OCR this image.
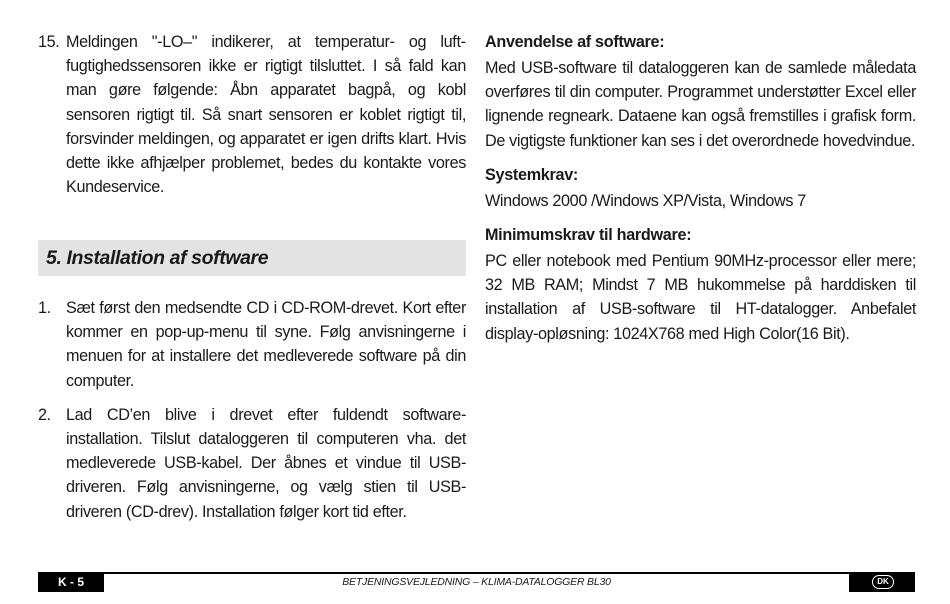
15. Meldingen "-LO–" indikerer, at temperatur- og luftfugtighedssensoren ikke er rigtigt tilsluttet. I så fald kan man gøre følgende: Åbn apparatet bagpå, og kobl sensoren rigtigt til. Så snart sensoren er koblet rigtigt til, forsvinder meldingen, og apparatet er igen drifts klart. Hvis dette ikke afhjælper problemet, bedes du kontakte vores Kundeservice.

5. Installation af software
1. Sæt først den medsendte CD i CD-ROM-drevet. Kort efter kommer en pop-up-menu til syne. Følg anvisningerne i menuen for at installere det medleverede software på din computer.

2. Lad CD’en blive i drevet efter fuldendt software-installation. Tilslut dataloggeren til computeren vha. det medleverede USB-kabel. Der åbnes et vindue til USB-driveren. Følg anvisningerne, og vælg stien til USB-driveren (CD-drev). Installation følger kort tid efter.

Anvendelse af software:

Med USB-software til dataloggeren kan de samlede måledata overføres til din computer. Programmet understøtter Excel eller lignende regneark. Dataene kan også fremstilles i grafisk form. De vigtigste funktioner kan ses i det overordnede hovedvindue.

Systemkrav:

Windows 2000 /Windows XP/Vista, Windows 7

Minimumskrav til hardware:

PC eller notebook med Pentium 90MHz-processor eller mere; 32 MB RAM; Mindst 7 MB hukommelse på harddisken til installation af USB-software til HT-datalogger. Anbefalet display-opløsning: 1024X768 med High Color(16 Bit).

K - 5	BETJENINGSVEJLEDNING – KLIMA-DATALOGGER BL30	DK
